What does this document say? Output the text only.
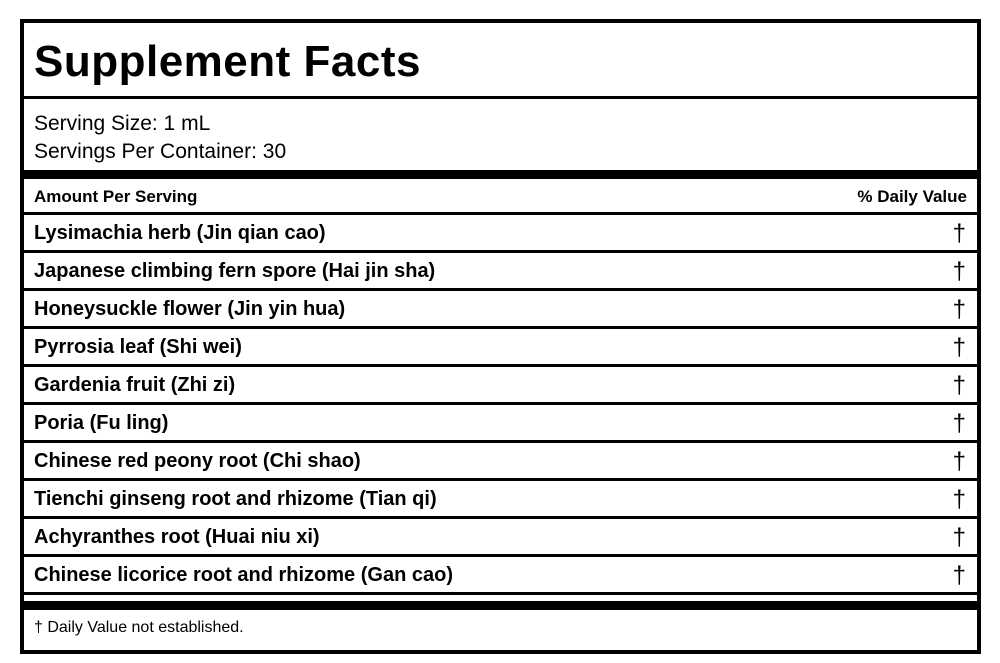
Supplement Facts
Serving Size: 1 mL
Servings Per Container: 30
Amount Per Serving	% Daily Value
Lysimachia herb (Jin qian cao)	†
Japanese climbing fern spore (Hai jin sha)	†
Honeysuckle flower (Jin yin hua)	†
Pyrrosia leaf (Shi wei)	†
Gardenia fruit (Zhi zi)	†
Poria (Fu ling)	†
Chinese red peony root (Chi shao)	†
Tienchi ginseng root and rhizome (Tian qi)	†
Achyranthes root (Huai niu xi)	†
Chinese licorice root and rhizome (Gan cao)	†
† Daily Value not established.
